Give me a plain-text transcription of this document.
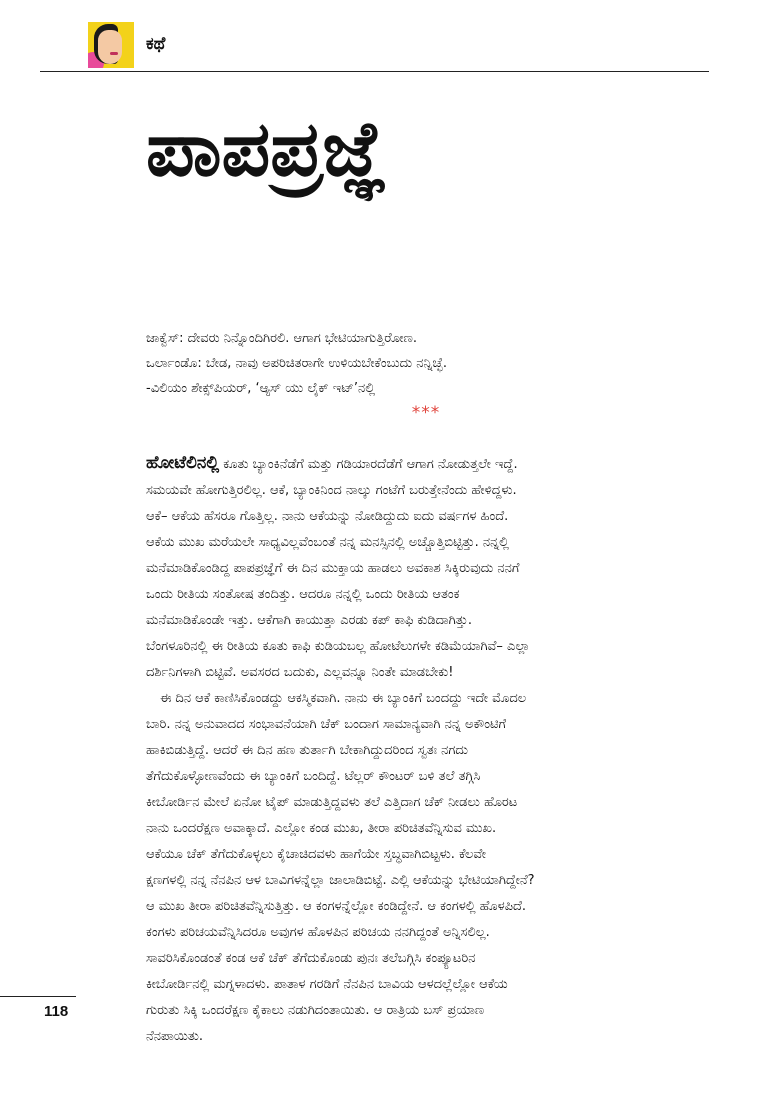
ಕಥೆ
ಪಾಪಪ್ರಜ್ಞೆ
ಜಾಕ್ವೆಸ್: ದೇವರು ನಿನ್ನೊಂದಿಗಿರಲಿ. ಆಗಾಗ ಭೇಟಿಯಾಗುತ್ತಿರೋಣ.
ಒರ್ಲಾಂಡೊ: ಬೇಡ, ನಾವು ಅಪರಿಚಿತರಾಗೇ ಉಳಿಯಬೇಕೆಂಬುದು ನನ್ನಿಚ್ಛೆ.
-ವಿಲಿಯಂ ಶೇಕ್ಸ್‌ಪಿಯರ್, ‘ಆ್ಯಸ್ ಯು ಲೈಕ್ ಇಟ್’ನಲ್ಲಿ
***
ಹೋಟೆಲಿನಲ್ಲಿ ಕೂತು ಬ್ಯಾಂಕಿನೆಡೆಗೆ ಮತ್ತು ಗಡಿಯಾರದೆಡೆಗೆ ಆಗಾಗ ನೋಡುತ್ತಲೇ ಇದ್ದೆ.
ಸಮಯವೇ ಹೋಗುತ್ತಿರಲಿಲ್ಲ. ಆಕೆ, ಬ್ಯಾಂಕಿನಿಂದ ನಾಲ್ಕು ಗಂಟೆಗೆ ಬರುತ್ತೇನೆಂದು ಹೇಳಿದ್ದಳು.
ಆಕೆ– ಆಕೆಯ ಹೆಸರೂ ಗೊತ್ತಿಲ್ಲ. ನಾನು ಆಕೆಯನ್ನು ನೋಡಿದ್ದುದು ಐದು ವರ್ಷಗಳ ಹಿಂದೆ.
ಆಕೆಯ ಮುಖ ಮರೆಯಲೇ ಸಾಧ್ಯವಿಲ್ಲವೆಂಬಂತೆ ನನ್ನ ಮನಸ್ಸಿನಲ್ಲಿ ಅಚ್ಚೊತ್ತಿಬಿಟ್ಟಿತ್ತು. ನನ್ನಲ್ಲಿ
ಮನೆಮಾಡಿಕೊಂಡಿದ್ದ ಪಾಪಪ್ರಜ್ಞೆಗೆ ಈ ದಿನ ಮುಕ್ತಾಯ ಹಾಡಲು ಅವಕಾಶ ಸಿಕ್ಕಿರುವುದು ನನಗೆ
ಒಂದು ರೀತಿಯ ಸಂತೋಷ ತಂದಿತ್ತು. ಆದರೂ ನನ್ನಲ್ಲಿ ಒಂದು ರೀತಿಯ ಆತಂಕ
ಮನೆಮಾಡಿಕೊಂಡೇ ಇತ್ತು. ಆಕೆಗಾಗಿ ಕಾಯುತ್ತಾ ಎರಡು ಕಪ್ ಕಾಫಿ ಕುಡಿದಾಗಿತ್ತು.
ಬೆಂಗಳೂರಿನಲ್ಲಿ ಈ ರೀತಿಯ ಕೂತು ಕಾಫಿ ಕುಡಿಯಬಲ್ಲ ಹೋಟೆಲುಗಳೇ ಕಡಿಮೆಯಾಗಿವೆ– ಎಲ್ಲಾ
ದರ್ಶಿನಿಗಳಾಗಿ ಬಿಟ್ಟಿವೆ. ಅವಸರದ ಬದುಕು, ಎಲ್ಲವನ್ನೂ ನಿಂತೇ ಮಾಡಬೇಕು!
ಈ ದಿನ ಆಕೆ ಕಾಣಿಸಿಕೊಂಡದ್ದು ಆಕಸ್ಮಿಕವಾಗಿ. ನಾನು ಈ ಬ್ಯಾಂಕಿಗೆ ಬಂದದ್ದು ಇದೇ ಮೊದಲ
ಬಾರಿ. ನನ್ನ ಅನುವಾದದ ಸಂಭಾವನೆಯಾಗಿ ಚೆಕ್ ಬಂದಾಗ ಸಾಮಾನ್ಯವಾಗಿ ನನ್ನ ಅಕೌಂಟಿಗೆ
ಹಾಕಿಬಿಡುತ್ತಿದ್ದೆ. ಆದರೆ ಈ ದಿನ ಹಣ ತುರ್ತಾಗಿ ಬೇಕಾಗಿದ್ದುದರಿಂದ ಸ್ವತಃ ನಗದು
ತೆಗೆದುಕೊಳ್ಳೋಣವೆಂದು ಈ ಬ್ಯಾಂಕಿಗೆ ಬಂದಿದ್ದೆ. ಟೆಲ್ಲರ್ ಕೌಂಟರ್ ಬಳಿ ತಲೆ ತಗ್ಗಿಸಿ
ಕೀಬೋರ್ಡಿನ ಮೇಲೆ ಏನೋ ಟೈಪ್ ಮಾಡುತ್ತಿದ್ದವಳು ತಲೆ ಎತ್ತಿದಾಗ ಚೆಕ್ ನೀಡಲು ಹೊರಟ
ನಾನು ಒಂದರೆಕ್ಷಣ ಅವಾಕ್ಕಾದೆ. ಎಲ್ಲೋ ಕಂಡ ಮುಖ, ತೀರಾ ಪರಿಚಿತವೆನ್ನಿಸುವ ಮುಖ.
ಆಕೆಯೂ ಚೆಕ್ ತೆಗೆದುಕೊಳ್ಳಲು ಕೈಚಾಚಿದವಳು ಹಾಗೆಯೇ ಸ್ತಬ್ಧವಾಗಿಬಿಟ್ಟಳು. ಕೆಲವೇ
ಕ್ಷಣಗಳಲ್ಲಿ ನನ್ನ ನೆನಪಿನ ಆಳ ಬಾವಿಗಳನ್ನೆಲ್ಲಾ ಜಾಲಾಡಿಬಿಟ್ಟೆ. ಎಲ್ಲಿ ಆಕೆಯನ್ನು ಭೇಟಿಯಾಗಿದ್ದೇನೆ?
ಆ ಮುಖ ತೀರಾ ಪರಿಚಿತವೆನ್ನಿಸುತ್ತಿತ್ತು. ಆ ಕಂಗಳನ್ನೆಲ್ಲೋ ಕಂಡಿದ್ದೇನೆ. ಆ ಕಂಗಳಲ್ಲಿ ಹೊಳಪಿದೆ.
ಕಂಗಳು ಪರಿಚಯವೆನ್ನಿಸಿದರೂ ಅವುಗಳ ಹೊಳಪಿನ ಪರಿಚಯ ನನಗಿದ್ದಂತೆ ಅನ್ನಿಸಲಿಲ್ಲ.
ಸಾವರಿಸಿಕೊಂಡಂತೆ ಕಂಡ ಆಕೆ ಚೆಕ್ ತೆಗೆದುಕೊಂಡು ಪುನಃ ತಲೆಬಗ್ಗಿಸಿ ಕಂಪ್ಯೂಟರಿನ
ಕೀಬೋರ್ಡಿನಲ್ಲಿ ಮಗ್ನಳಾದಳು. ಪಾತಾಳ ಗರಡಿಗೆ ನೆನಪಿನ ಬಾವಿಯ ಆಳದಲ್ಲೆಲ್ಲೋ ಆಕೆಯ
ಗುರುತು ಸಿಕ್ಕಿ ಒಂದರೆಕ್ಷಣ ಕೈಕಾಲು ನಡುಗಿದಂತಾಯಿತು. ಆ ರಾತ್ರಿಯ ಬಸ್ ಪ್ರಯಾಣ
ನೆನಪಾಯಿತು.
118
